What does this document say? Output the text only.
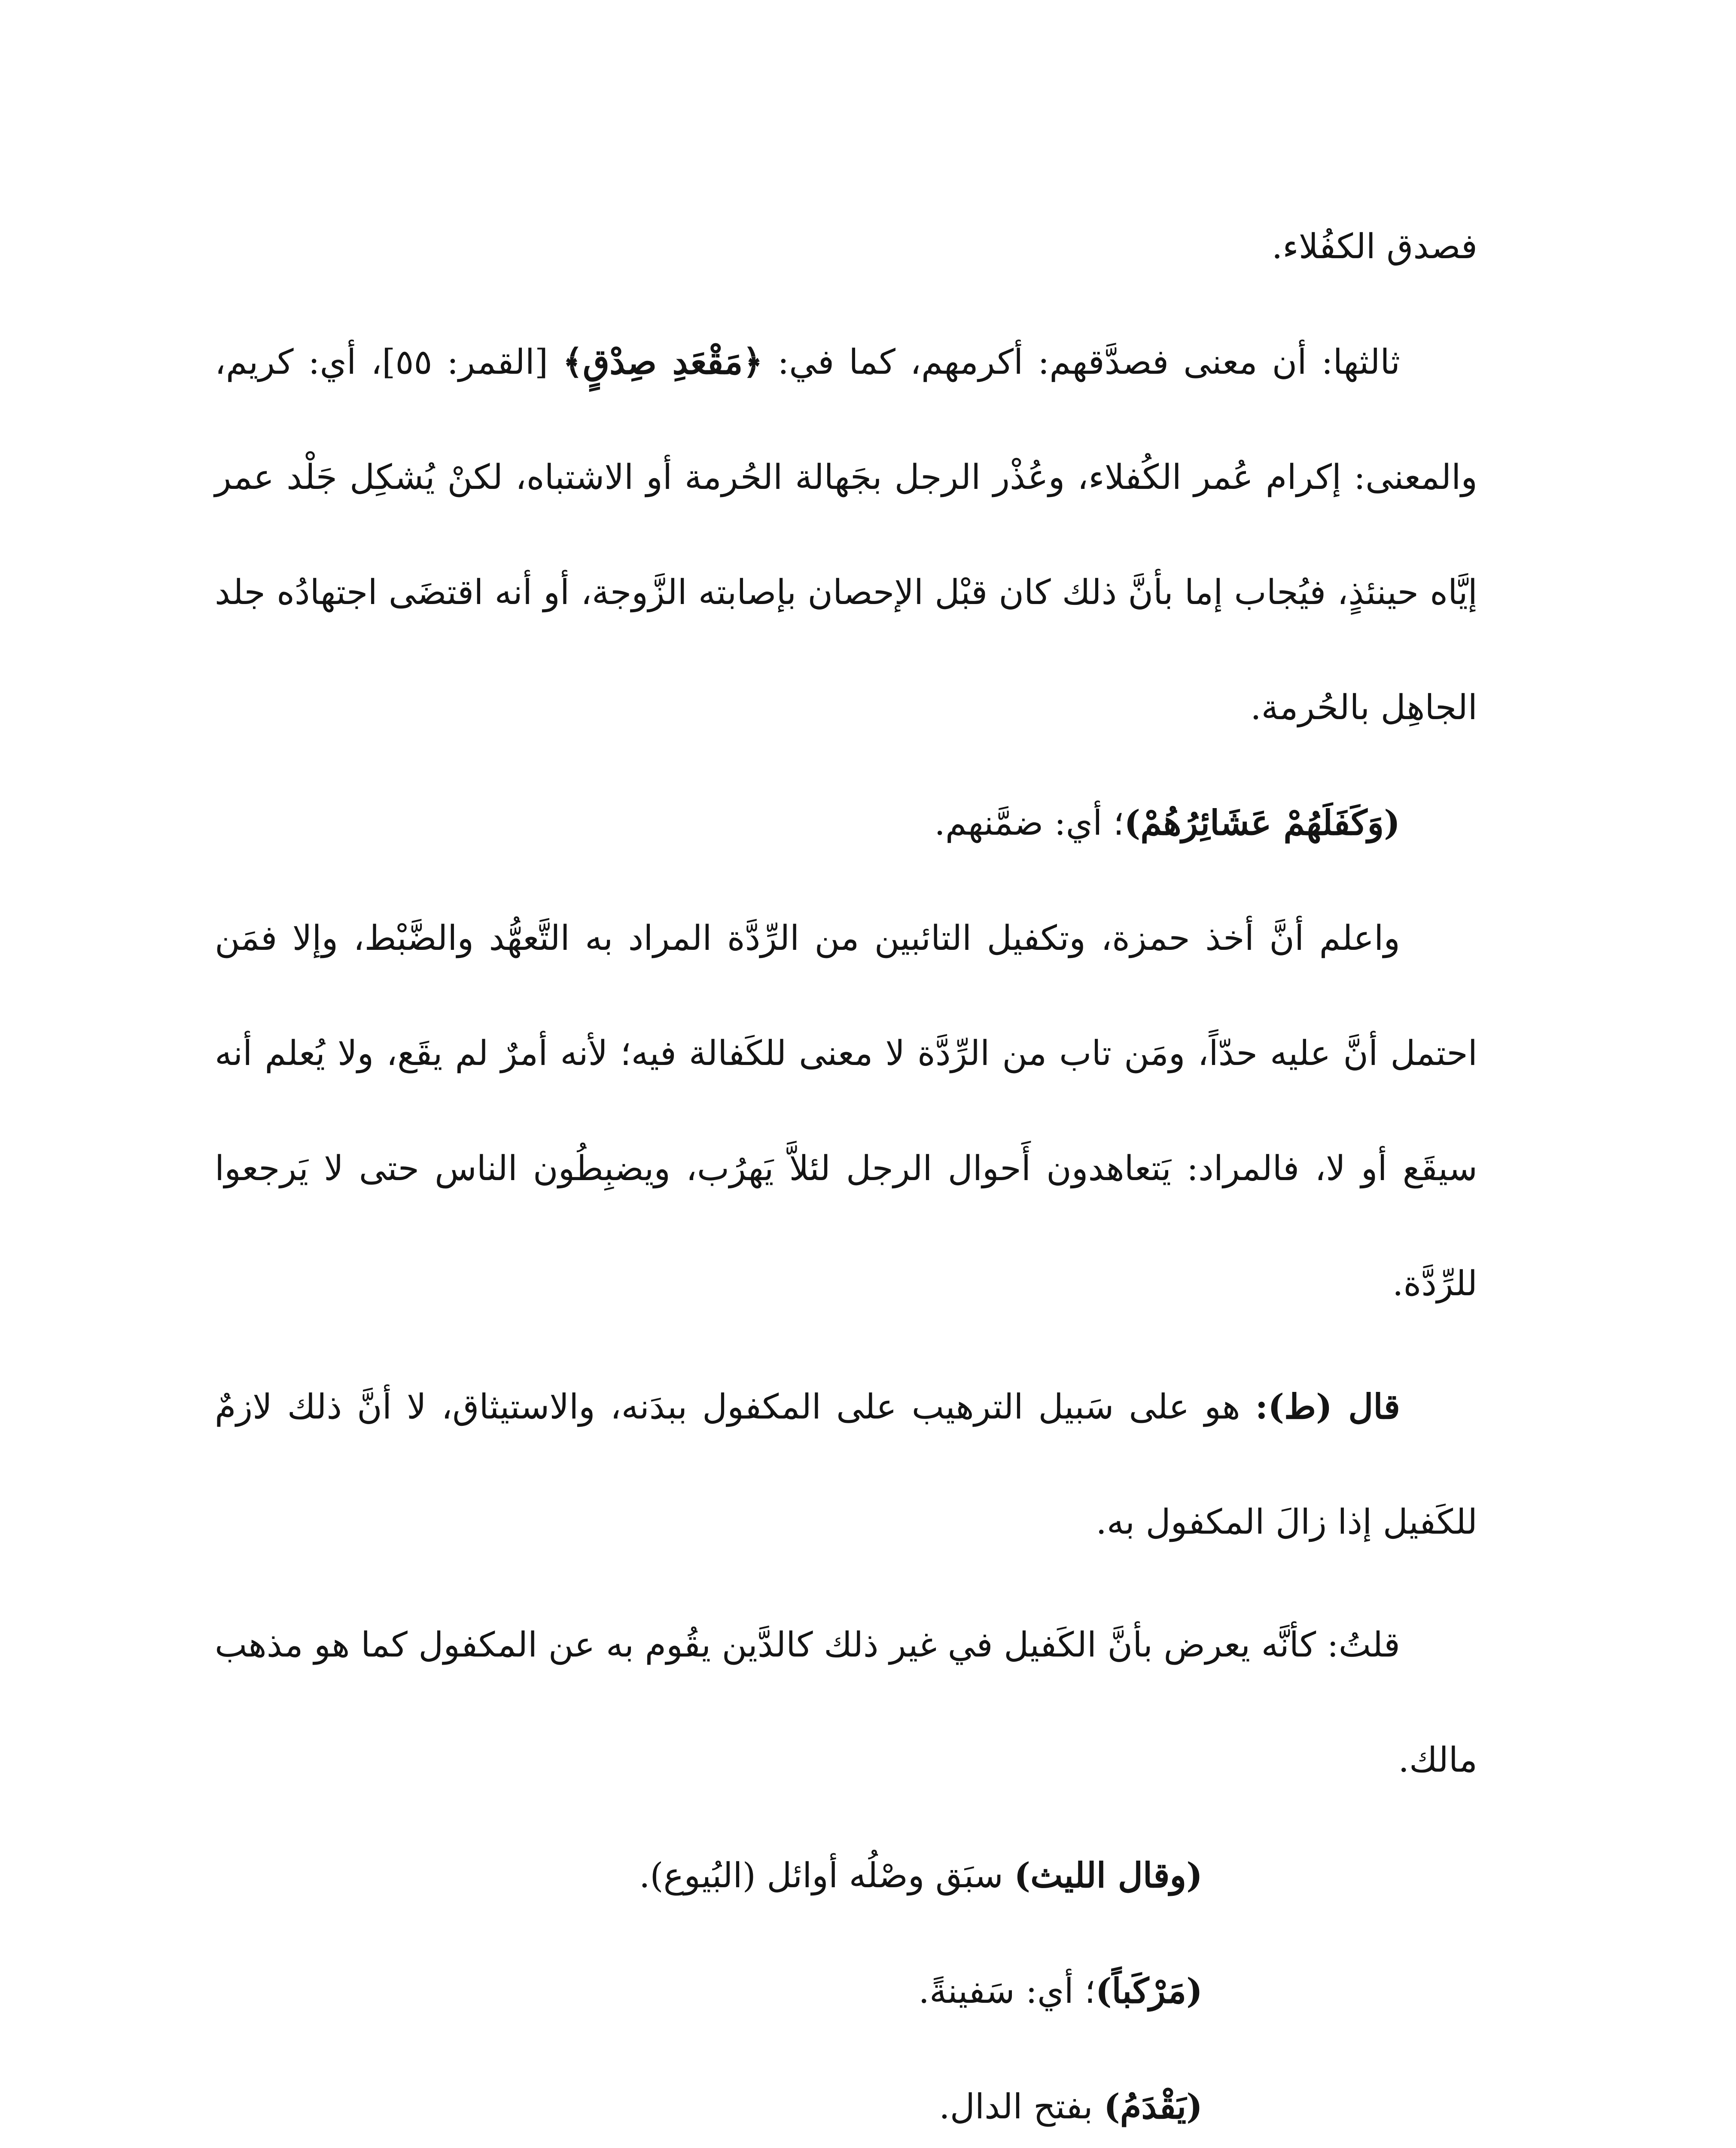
فصدق الكفُلاء.

ثالثها: أن معنى فصدَّقهم: أكرمهم، كما في: ﴿مَقْعَدِ صِدْقٍ﴾ [القمر: ٥٥]، أي: كريم، والمعنى: إكرام عُمر الكُفلاء، وعُذْر الرجل بجَهالة الحُرمة أو الاشتباه، لكنْ يُشكِل جَلْد عمر إيَّاه حينئذٍ، فيُجاب إما بأنَّ ذلك كان قبْل الإحصان بإصابته الزَّوجة، أو أنه اقتضَى اجتهادُه جلد الجاهِل بالحُرمة.

(وَكَفَلَهُمْ عَشَائِرُهُمْ)؛ أي: ضمَّنهم.

واعلم أنَّ أخذ حمزة، وتكفيل التائبين من الرِّدَّة المراد به التَّعهُّد والضَّبْط، وإلا فمَن احتمل أنَّ عليه حدّاً، ومَن تاب من الرِّدَّة لا معنى للكَفالة فيه؛ لأنه أمرٌ لم يقَع، ولا يُعلم أنه سيقَع أو لا، فالمراد: يَتعاهدون أَحوال الرجل لئلاَّ يَهرُب، ويضبِطُون الناس حتى لا يَرجعوا للرِّدَّة.

قال (ط): هو على سَبيل الترهيب على المكفول ببدَنه، والاستيثاق، لا أنَّ ذلك لازمٌ للكَفيل إذا زالَ المكفول به.

قلتُ: كأنَّه يعرض بأنَّ الكَفيل في غير ذلك كالدَّين يقُوم به عن المكفول كما هو مذهب مالك.

(وقال الليث) سبَق وصْلُه أوائل (البُيوع).

(مَرْكَباً)؛ أي: سَفينةً.

(يَقْدَمُ) بفتح الدال.
